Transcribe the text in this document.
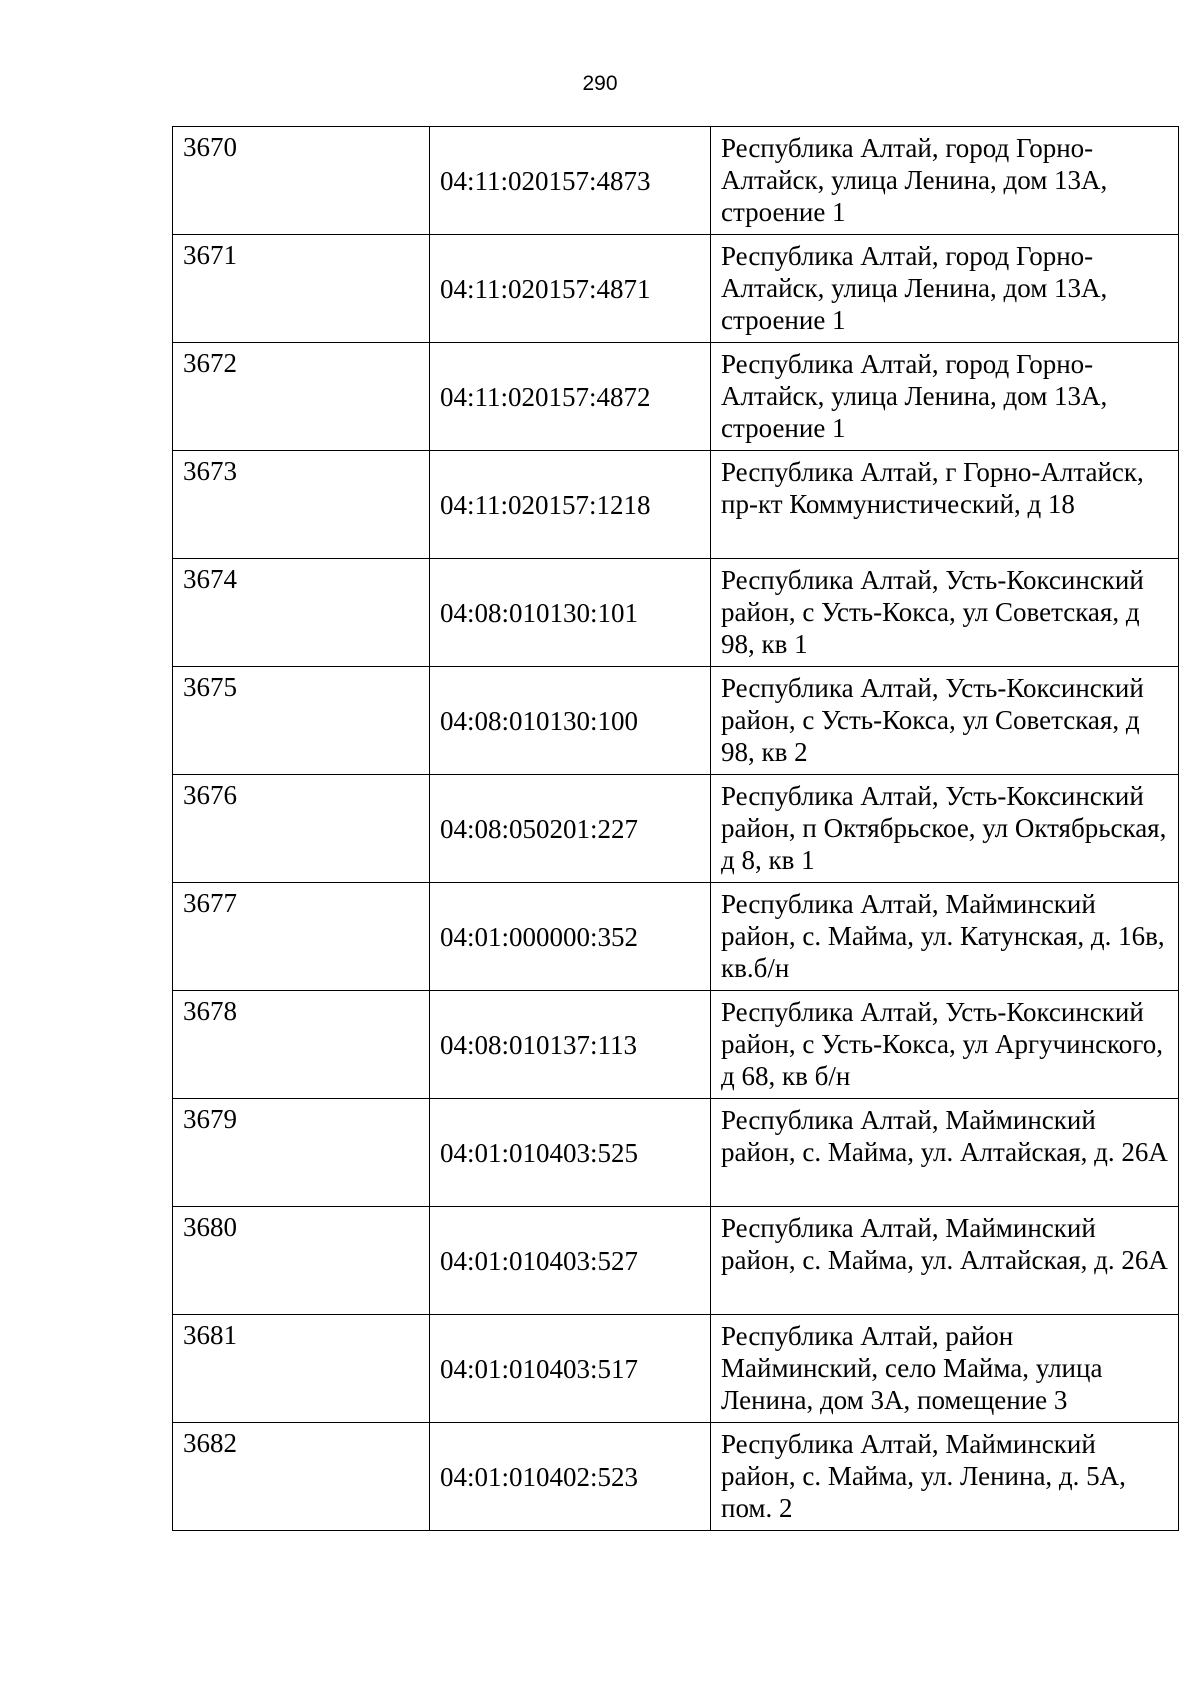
290
3670	04:11:020157:4873	Республика Алтай, город Горно-Алтайск, улица Ленина, дом 13А, строение 1

3671	04:11:020157:4871	Республика Алтай, город Горно-Алтайск, улица Ленина, дом 13А, строение 1

3672	04:11:020157:4872	Республика Алтай, город Горно-Алтайск, улица Ленина, дом 13А, строение 1

3673	04:11:020157:1218	Республика Алтай, г Горно-Алтайск, пр-кт Коммунистический, д 18

3674	04:08:010130:101	Республика Алтай, Усть-Коксинский район, с Усть-Кокса, ул Советская, д 98, кв 1

3675	04:08:010130:100	Республика Алтай, Усть-Коксинский район, с Усть-Кокса, ул Советская, д 98, кв 2

3676	04:08:050201:227	Республика Алтай, Усть-Коксинский район, п Октябрьское, ул Октябрьская, д 8, кв 1

3677	04:01:000000:352	Республика Алтай, Майминский район, с. Майма, ул. Катунская, д. 16в, кв.б/н

3678	04:08:010137:113	Республика Алтай, Усть-Коксинский район, с Усть-Кокса, ул Аргучинского, д 68, кв б/н

3679	04:01:010403:525	Республика Алтай, Майминский район, с. Майма, ул. Алтайская, д. 26А

3680	04:01:010403:527	Республика Алтай, Майминский район, с. Майма, ул. Алтайская, д. 26А

3681	04:01:010403:517	Республика Алтай, район Майминский, село Майма, улица Ленина, дом 3А, помещение 3

3682	04:01:010402:523	Республика Алтай, Майминский район, с. Майма, ул. Ленина, д. 5А, пом. 2
